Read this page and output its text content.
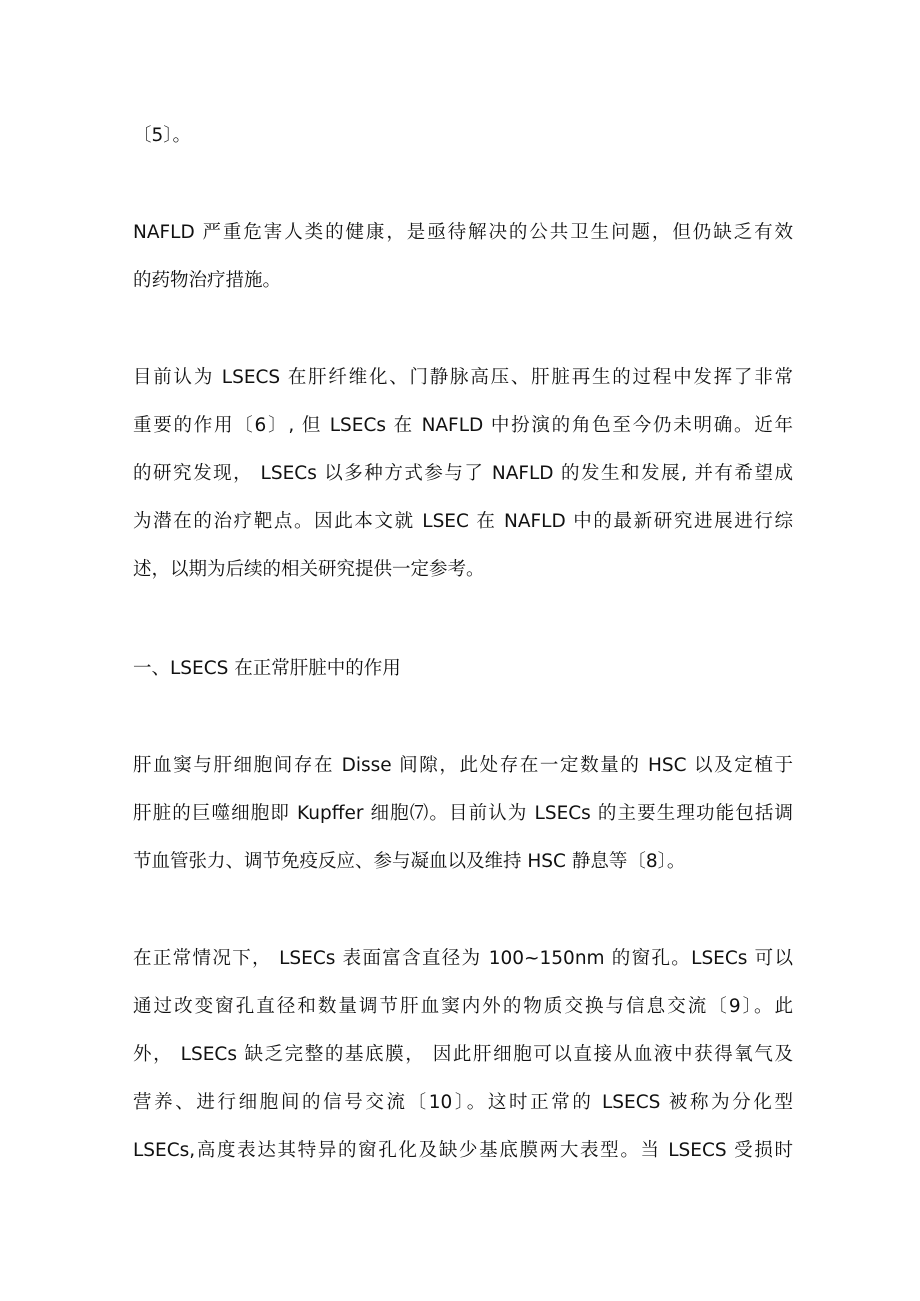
〔5〕。
NAFLD 严重危害人类的健康，是亟待解决的公共卫生问题，但仍缺乏有效
的药物治疗措施。
目前认为 LSECS 在肝纤维化、门静脉高压、肝脏再生的过程中发挥了非常
重要的作用〔6〕, 但 LSECs 在 NAFLD 中扮演的角色至今仍未明确。近年
的研究发现， LSECs 以多种方式参与了 NAFLD 的发生和发展, 并有希望成
为潜在的治疗靶点。因此本文就 LSEC 在 NAFLD 中的最新研究进展进行综
述，以期为后续的相关研究提供一定参考。
一、LSECS 在正常肝脏中的作用
肝血窦与肝细胞间存在 Disse 间隙，此处存在一定数量的 HSC 以及定植于
肝脏的巨噬细胞即 Kupffer 细胞⑺。目前认为 LSECs 的主要生理功能包括调
节血管张力、调节免疫反应、参与凝血以及维持 HSC 静息等〔8〕。
在正常情况下， LSECs 表面富含直径为 100~150nm 的窗孔。LSECs 可以
通过改变窗孔直径和数量调节肝血窦内外的物质交换与信息交流〔9〕。此
外， LSECs 缺乏完整的基底膜， 因此肝细胞可以直接从血液中获得氧气及
营养、进行细胞间的信号交流〔10〕。这时正常的 LSECS 被称为分化型
LSECs,高度表达其特异的窗孔化及缺少基底膜两大表型。当 LSECS 受损时
